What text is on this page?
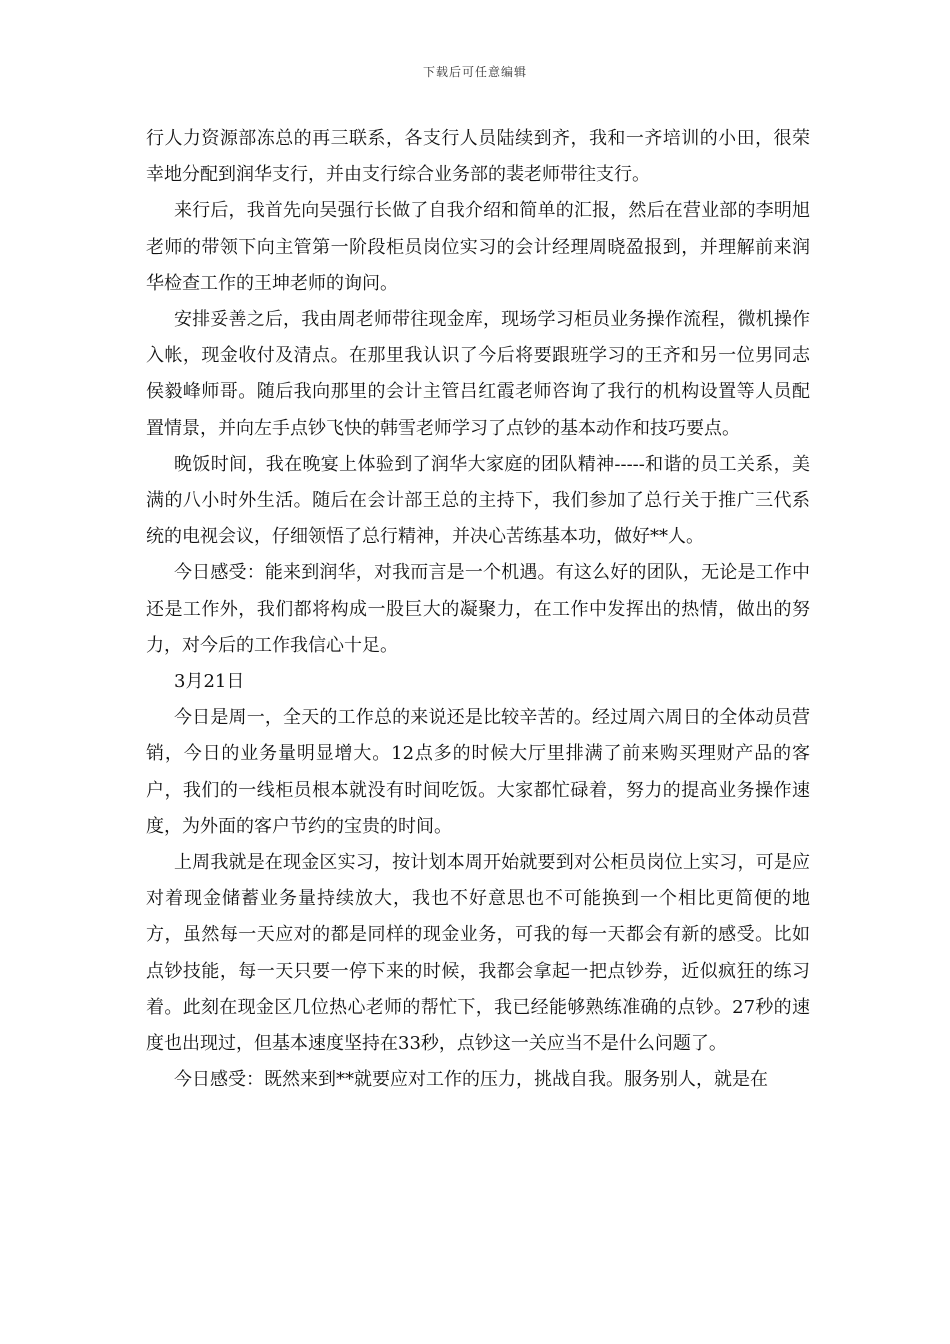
下载后可任意编辑

行人力资源部冻总的再三联系，各支行人员陆续到齐，我和一齐培训的小田，很荣幸地分配到润华支行，并由支行综合业务部的裴老师带往支行。

来行后，我首先向吴强行长做了自我介绍和简单的汇报，然后在营业部的李明旭老师的带领下向主管第一阶段柜员岗位实习的会计经理周晓盈报到，并理解前来润华检查工作的王坤老师的询问。

安排妥善之后，我由周老师带往现金库，现场学习柜员业务操作流程，微机操作入帐，现金收付及清点。在那里我认识了今后将要跟班学习的王齐和另一位男同志侯毅峰师哥。随后我向那里的会计主管吕红霞老师咨询了我行的机构设置等人员配置情景，并向左手点钞飞快的韩雪老师学习了点钞的基本动作和技巧要点。

晚饭时间，我在晚宴上体验到了润华大家庭的团队精神-----和谐的员工关系，美满的八小时外生活。随后在会计部王总的主持下，我们参加了总行关于推广三代系统的电视会议，仔细领悟了总行精神，并决心苦练基本功，做好**人。

今日感受：能来到润华，对我而言是一个机遇。有这么好的团队，无论是工作中还是工作外，我们都将构成一股巨大的凝聚力，在工作中发挥出的热情，做出的努力，对今后的工作我信心十足。

3月21日

今日是周一，全天的工作总的来说还是比较辛苦的。经过周六周日的全体动员营销，今日的业务量明显增大。12点多的时候大厅里排满了前来购买理财产品的客户，我们的一线柜员根本就没有时间吃饭。大家都忙碌着，努力的提高业务操作速度，为外面的客户节约的宝贵的时间。

上周我就是在现金区实习，按计划本周开始就要到对公柜员岗位上实习，可是应对着现金储蓄业务量持续放大，我也不好意思也不可能换到一个相比更简便的地方，虽然每一天应对的都是同样的现金业务，可我的每一天都会有新的感受。比如点钞技能，每一天只要一停下来的时候，我都会拿起一把点钞券，近似疯狂的练习着。此刻在现金区几位热心老师的帮忙下，我已经能够熟练准确的点钞。27秒的速度也出现过，但基本速度坚持在33秒，点钞这一关应当不是什么问题了。

今日感受：既然来到**就要应对工作的压力，挑战自我。服务别人，就是在
